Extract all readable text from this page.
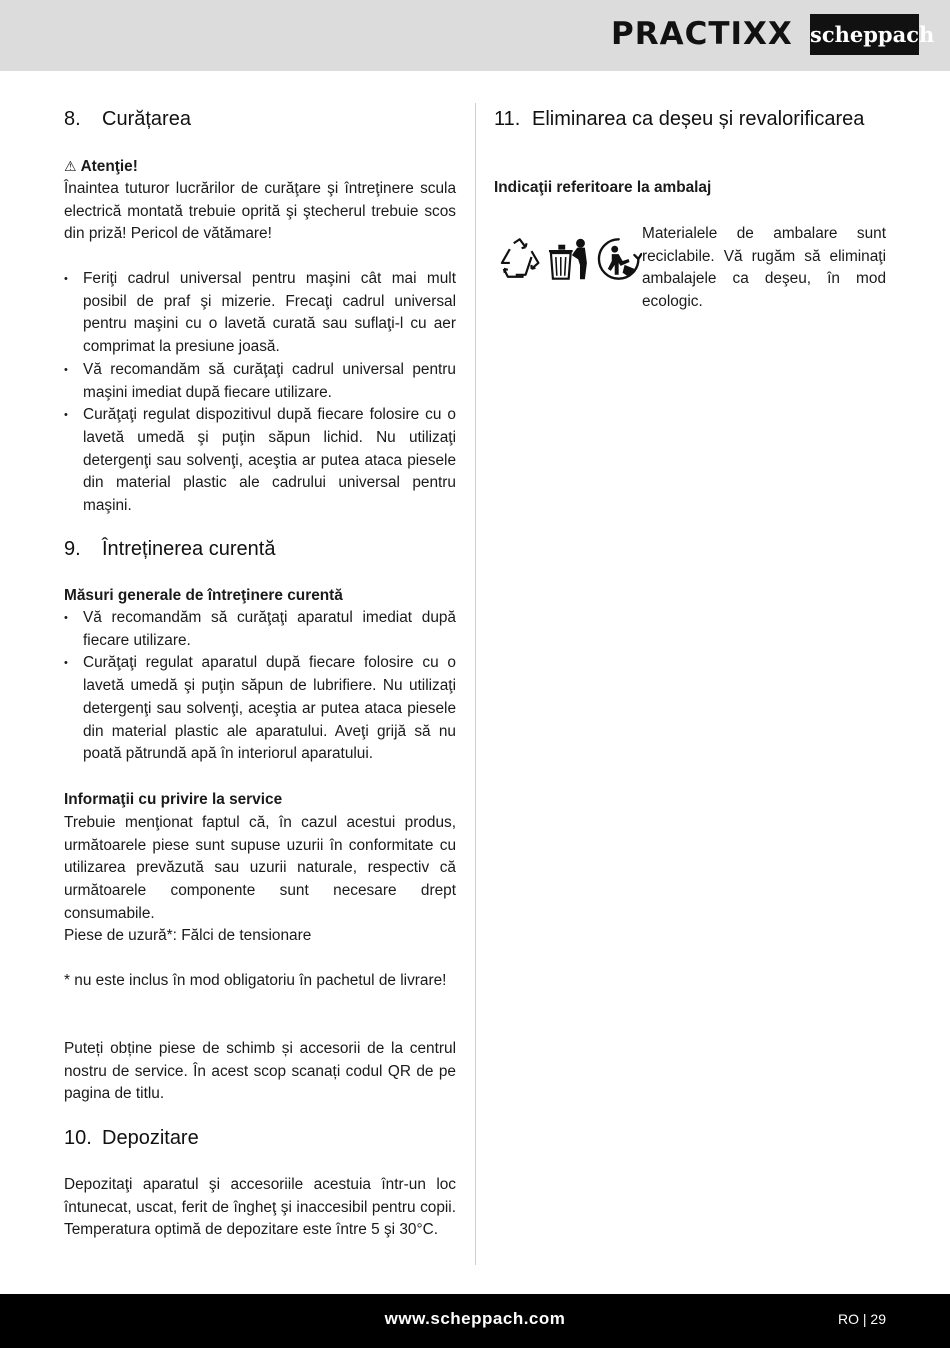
PRACTIXX scheppach
8. Curățarea
⚠ Atenţie!

Înaintea tuturor lucrărilor de curăţare şi întreţinere scula electrică montată trebuie oprită şi ştecherul trebuie scos din priză! Pericol de vătămare!

• Feriţi cadrul universal pentru maşini cât mai mult posibil de praf şi mizerie. Frecaţi cadrul universal pentru maşini cu o lavetă curată sau suflaţi-l cu aer comprimat la presiune joasă.
• Vă recomandăm să curăţaţi cadrul universal pentru maşini imediat după fiecare utilizare.
• Curăţaţi regulat dispozitivul după fiecare folosire cu o lavetă umedă şi puţin săpun lichid. Nu utilizaţi detergenţi sau solvenţi, aceştia ar putea ataca piesele din material plastic ale cadrului universal pentru maşini.
9. Întreținerea curentă
Măsuri generale de întreţinere curentă
• Vă recomandăm să curăţaţi aparatul imediat după fiecare utilizare.
• Curăţaţi regulat aparatul după fiecare folosire cu o lavetă umedă şi puţin săpun de lubrifiere. Nu utilizaţi detergenţi sau solvenţi, aceştia ar putea ataca piesele din material plastic ale aparatului. Aveţi grijă să nu poată pătrundă apă în interiorul aparatului.
Informaţii cu privire la service

Trebuie menţionat faptul că, în cazul acestui produs, următoarele piese sunt supuse uzurii în conformitate cu utilizarea prevăzută sau uzurii naturale, respectiv că următoarele componente sunt necesare drept consumabile.

Piese de uzură*: Fălci de tensionare

* nu este inclus în mod obligatoriu în pachetul de livrare!

Puteți obține piese de schimb și accesorii de la centrul nostru de service. În acest scop scanați codul QR de pe pagina de titlu.

10. Depozitare

Depozitaţi aparatul şi accesoriile acestuia într-un loc întunecat, uscat, ferit de îngheţ şi inaccesibil pentru copii. Temperatura optimă de depozitare este între 5 şi 30°C.

11. Eliminarea ca deșeu și revalorificarea
Indicaţii referitoare la ambalaj

Materialele de ambalare sunt reciclabile. Vă rugăm să eliminaţi ambalajele ca deşeu, în mod ecologic.

www.scheppach.com	RO | 29
